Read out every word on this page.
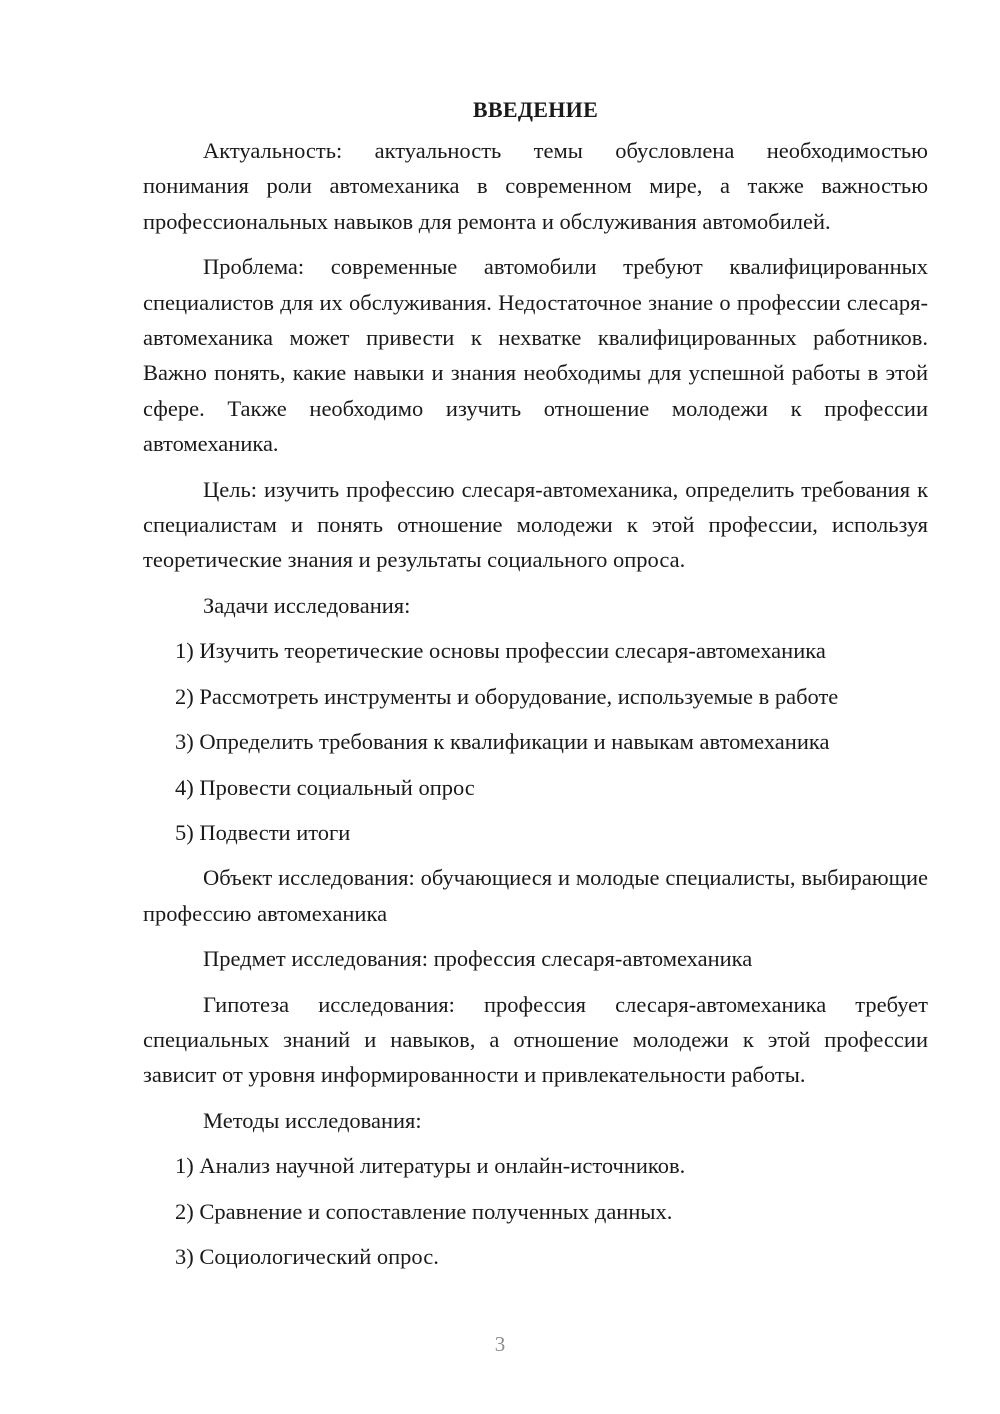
ВВЕДЕНИЕ
Актуальность: актуальность темы обусловлена необходимостью понимания роли автомеханика в современном мире, а также важностью профессиональных навыков для ремонта и обслуживания автомобилей.
Проблема: современные автомобили требуют квалифицированных специалистов для их обслуживания. Недостаточное знание о профессии слесаря-автомеханика может привести к нехватке квалифицированных работников. Важно понять, какие навыки и знания необходимы для успешной работы в этой сфере. Также необходимо изучить отношение молодежи к профессии автомеханика.
Цель: изучить профессию слесаря-автомеханика, определить требования к специалистам и понять отношение молодежи к этой профессии, используя теоретические знания и результаты социального опроса.
Задачи исследования:
1) Изучить теоретические основы профессии слесаря-автомеханика
2) Рассмотреть инструменты и оборудование, используемые в работе
3) Определить требования к квалификации и навыкам автомеханика
4) Провести социальный опрос
5) Подвести итоги
Объект исследования: обучающиеся и молодые специалисты, выбирающие профессию автомеханика
Предмет исследования: профессия слесаря-автомеханика
Гипотеза исследования: профессия слесаря-автомеханика требует специальных знаний и навыков, а отношение молодежи к этой профессии зависит от уровня информированности и привлекательности работы.
Методы исследования:
1) Анализ научной литературы и онлайн-источников.
2) Сравнение и сопоставление полученных данных.
3) Социологический опрос.
3
